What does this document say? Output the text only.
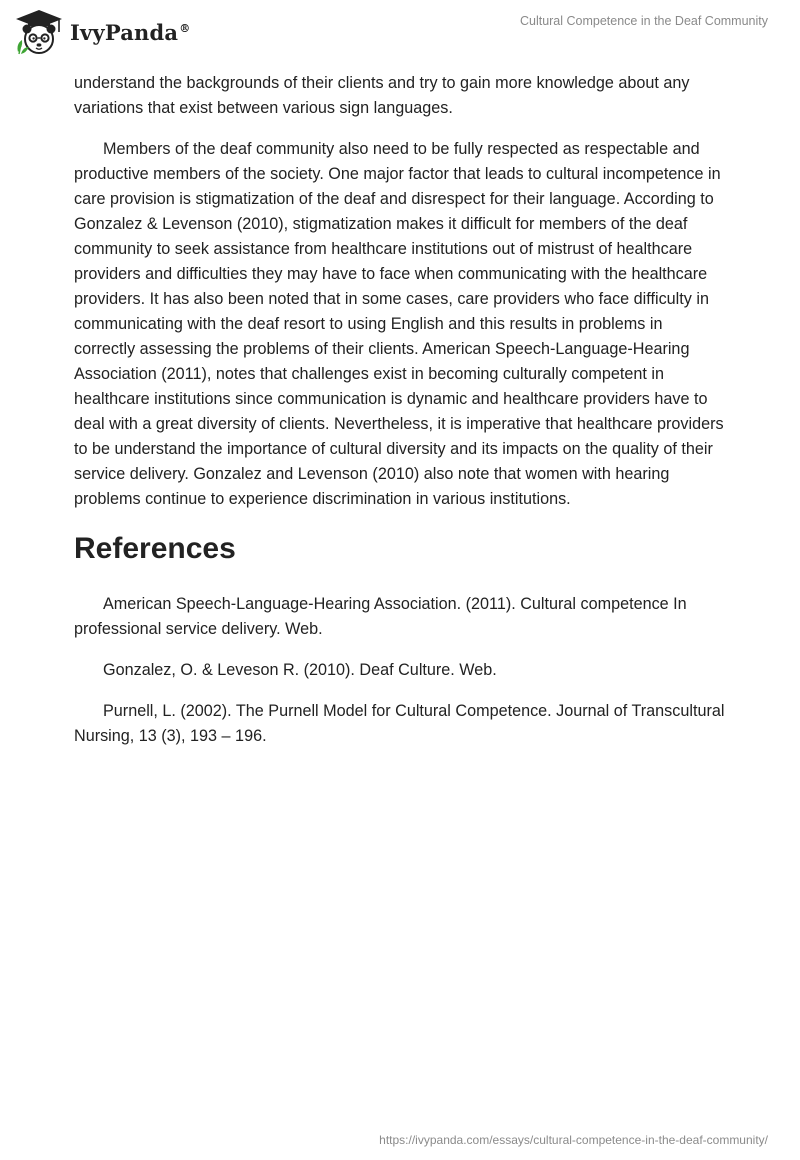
IvyPanda®	Cultural Competence in the Deaf Community

understand the backgrounds of their clients and try to gain more knowledge about any variations that exist between various sign languages.

Members of the deaf community also need to be fully respected as respectable and productive members of the society. One major factor that leads to cultural incompetence in care provision is stigmatization of the deaf and disrespect for their language. According to Gonzalez & Levenson (2010), stigmatization makes it difficult for members of the deaf community to seek assistance from healthcare institutions out of mistrust of healthcare providers and difficulties they may have to face when communicating with the healthcare providers. It has also been noted that in some cases, care providers who face difficulty in communicating with the deaf resort to using English and this results in problems in correctly assessing the problems of their clients. American Speech-Language-Hearing Association (2011), notes that challenges exist in becoming culturally competent in healthcare institutions since communication is dynamic and healthcare providers have to deal with a great diversity of clients. Nevertheless, it is imperative that healthcare providers to be understand the importance of cultural diversity and its impacts on the quality of their service delivery. Gonzalez and Levenson (2010) also note that women with hearing problems continue to experience discrimination in various institutions.

References

American Speech-Language-Hearing Association. (2011). Cultural competence In professional service delivery. Web.

Gonzalez, O. & Leveson R. (2010). Deaf Culture. Web.

Purnell, L. (2002). The Purnell Model for Cultural Competence. Journal of Transcultural​Nursing, 13 (3), 193 – 196.

https://ivypanda.com/essays/cultural-competence-in-the-deaf-community/
